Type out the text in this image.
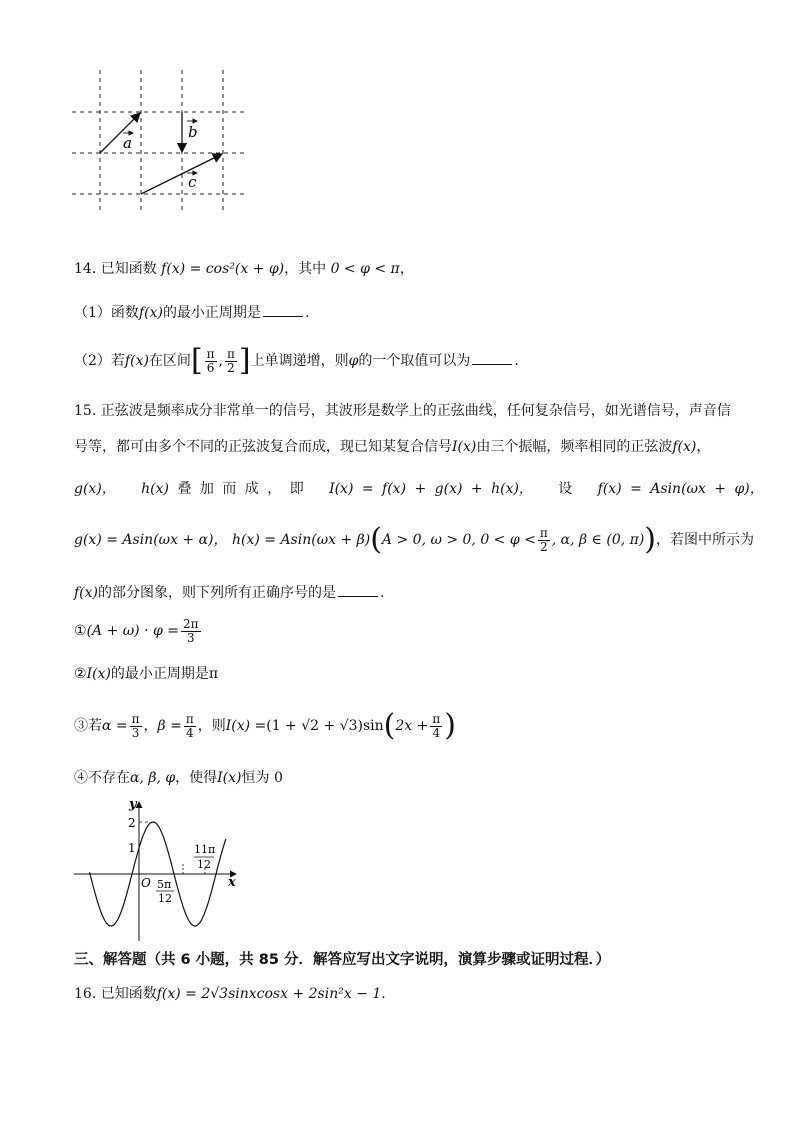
a
b
c
14. 已知函数 f(x) = cos²(x + φ)，其中 0 < φ < π，
（1）函数f(x)的最小正周期是	.
（2）若f(x)在区间[ $\frac{\pi}{6}$ , $\frac{\pi}{2}$ ]上单调递增，则φ的一个取值可以为	.
15. 正弦波是频率成分非常单一的信号，其波形是数学上的正弦曲线，任何复杂信号，如光谱信号，声音信
号等，都可由多个不同的正弦波复合而成，现已知某复合信号I(x)由三个振幅，频率相同的正弦波f(x)，
g(x)， h(x) 叠 加 而 成 ， 即 I(x) = f(x) + g(x) + h(x)， 设 f(x) = Asin(ωx + φ)，
g(x) = Asin(ωx + α)， h(x) = Asin(ωx + β)(A > 0, ω > 0, $0 < \varphi < \frac{\pi}{2}$ , α, β ∈ (0, π))，若图中所示为
f(x)的部分图象，则下列所有正确序号的是	.
①(A + $\omega) \cdot \varphi = \frac{2\pi}{3}$
②I(x)的最小正周期是π
③若$\alpha = \frac{\pi}{3}$ ，$\beta = \frac{\pi}{4}$ ，则$I(x) =(1 + √2 + √3)\sin(2x + \frac{\pi}{4}$ )
④不存在α, β, φ，使得I(x)恒为 0
y
x
O
2
1
5π
12
11π
12
三、解答题（共 6 小题，共 85 分．解答应写出文字说明，演算步骤或证明过程．）
16. 已知函数f(x) = 2√3sinxcosx + 2sin²x − 1.
